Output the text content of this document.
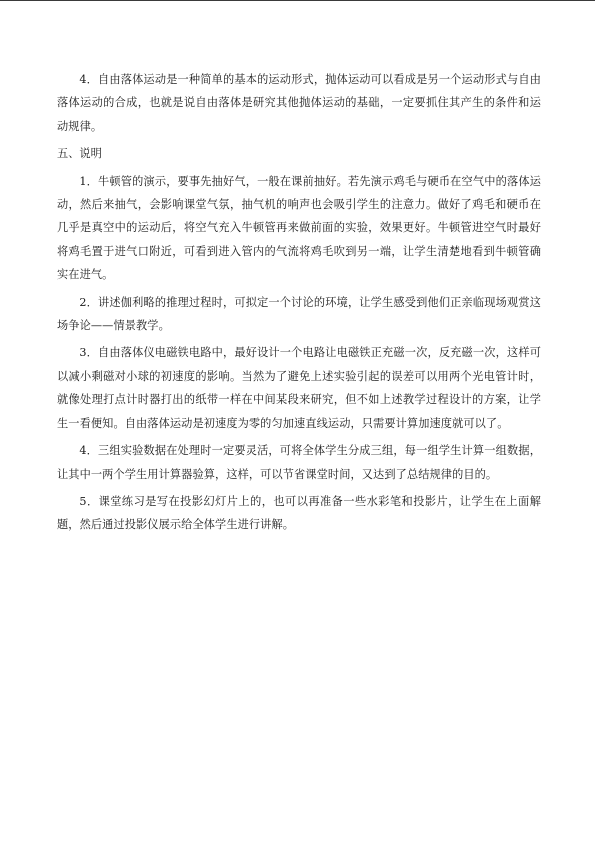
4．自由落体运动是一种简单的基本的运动形式，抛体运动可以看成是另一个运动形式与自由落体运动的合成，也就是说自由落体是研究其他抛体运动的基础，一定要抓住其产生的条件和运动规律。

五、说明

1．牛顿管的演示，要事先抽好气，一般在课前抽好。若先演示鸡毛与硬币在空气中的落体运动，然后来抽气，会影响课堂气氛，抽气机的响声也会吸引学生的注意力。做好了鸡毛和硬币在几乎是真空中的运动后，将空气充入牛顿管再来做前面的实验，效果更好。牛顿管进空气时最好将鸡毛置于进气口附近，可看到进入管内的气流将鸡毛吹到另一端，让学生清楚地看到牛顿管确实在进气。

2．讲述伽利略的推理过程时，可拟定一个讨论的环境，让学生感受到他们正亲临现场观赏这场争论——情景教学。

3．自由落体仪电磁铁电路中，最好设计一个电路让电磁铁正充磁一次，反充磁一次，这样可以减小剩磁对小球的初速度的影响。当然为了避免上述实验引起的误差可以用两个光电管计时，就像处理打点计时器打出的纸带一样在中间某段来研究，但不如上述教学过程设计的方案，让学生一看便知。自由落体运动是初速度为零的匀加速直线运动，只需要计算加速度就可以了。

4．三组实验数据在处理时一定要灵活，可将全体学生分成三组，每一组学生计算一组数据，让其中一两个学生用计算器验算，这样，可以节省课堂时间，又达到了总结规律的目的。

5．课堂练习是写在投影幻灯片上的，也可以再准备一些水彩笔和投影片，让学生在上面解题，然后通过投影仪展示给全体学生进行讲解。
